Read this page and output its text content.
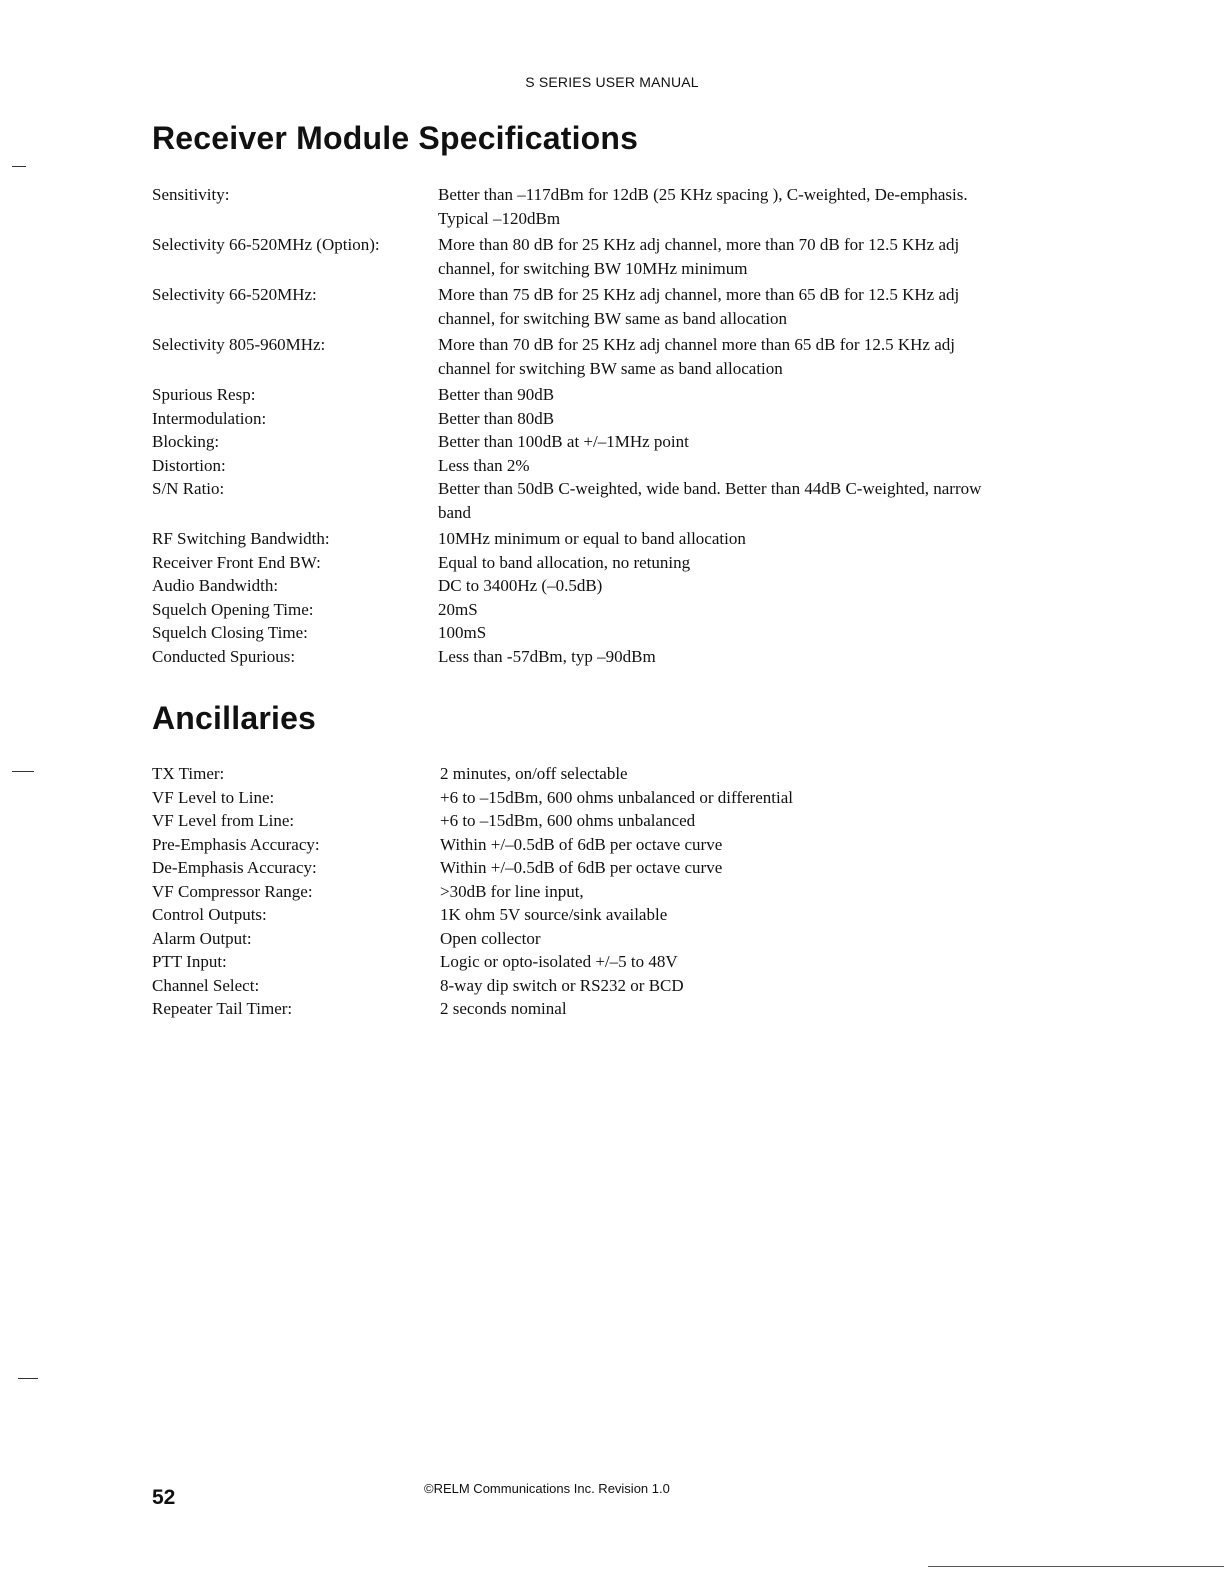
S SERIES USER MANUAL
Receiver Module Specifications
Sensitivity:	Better than –117dBm for 12dB (25 KHz spacing ), C-weighted, De-emphasis. Typical –120dBm
Selectivity 66-520MHz (Option):	More than 80 dB for 25 KHz adj channel, more than 70 dB for 12.5 KHz adj channel, for switching BW 10MHz minimum
Selectivity 66-520MHz:	More than 75 dB for 25 KHz adj channel, more than 65 dB for 12.5 KHz adj channel, for switching BW same as band allocation
Selectivity 805-960MHz:	More than 70 dB for 25 KHz adj channel more than 65 dB for 12.5 KHz adj channel for switching BW same as band allocation
Spurious Resp:	Better than 90dB
Intermodulation:	Better than 80dB
Blocking:	Better than 100dB at +/–1MHz point
Distortion:	Less than 2%
S/N Ratio:	Better than 50dB C-weighted, wide band. Better than 44dB C-weighted, narrow band
RF Switching Bandwidth:	10MHz minimum or equal to band allocation
Receiver Front End BW:	Equal to band allocation, no retuning
Audio Bandwidth:	DC to 3400Hz (–0.5dB)
Squelch Opening Time:	20mS
Squelch Closing Time:	100mS
Conducted Spurious:	Less than -57dBm, typ –90dBm
Ancillaries
TX Timer:	2 minutes, on/off selectable
VF Level to Line:	+6 to –15dBm, 600 ohms unbalanced or differential
VF Level from Line:	+6 to –15dBm, 600 ohms unbalanced
Pre-Emphasis Accuracy:	Within +/–0.5dB of 6dB per octave curve
De-Emphasis Accuracy:	Within +/–0.5dB of 6dB per octave curve
VF Compressor Range:	>30dB for line input,
Control Outputs:	1K ohm 5V source/sink available
Alarm Output:	Open collector
PTT Input:	Logic or opto-isolated +/–5 to 48V
Channel Select:	8-way dip switch or RS232 or BCD
Repeater Tail Timer:	2 seconds nominal
52	©RELM Communications Inc. Revision 1.0
